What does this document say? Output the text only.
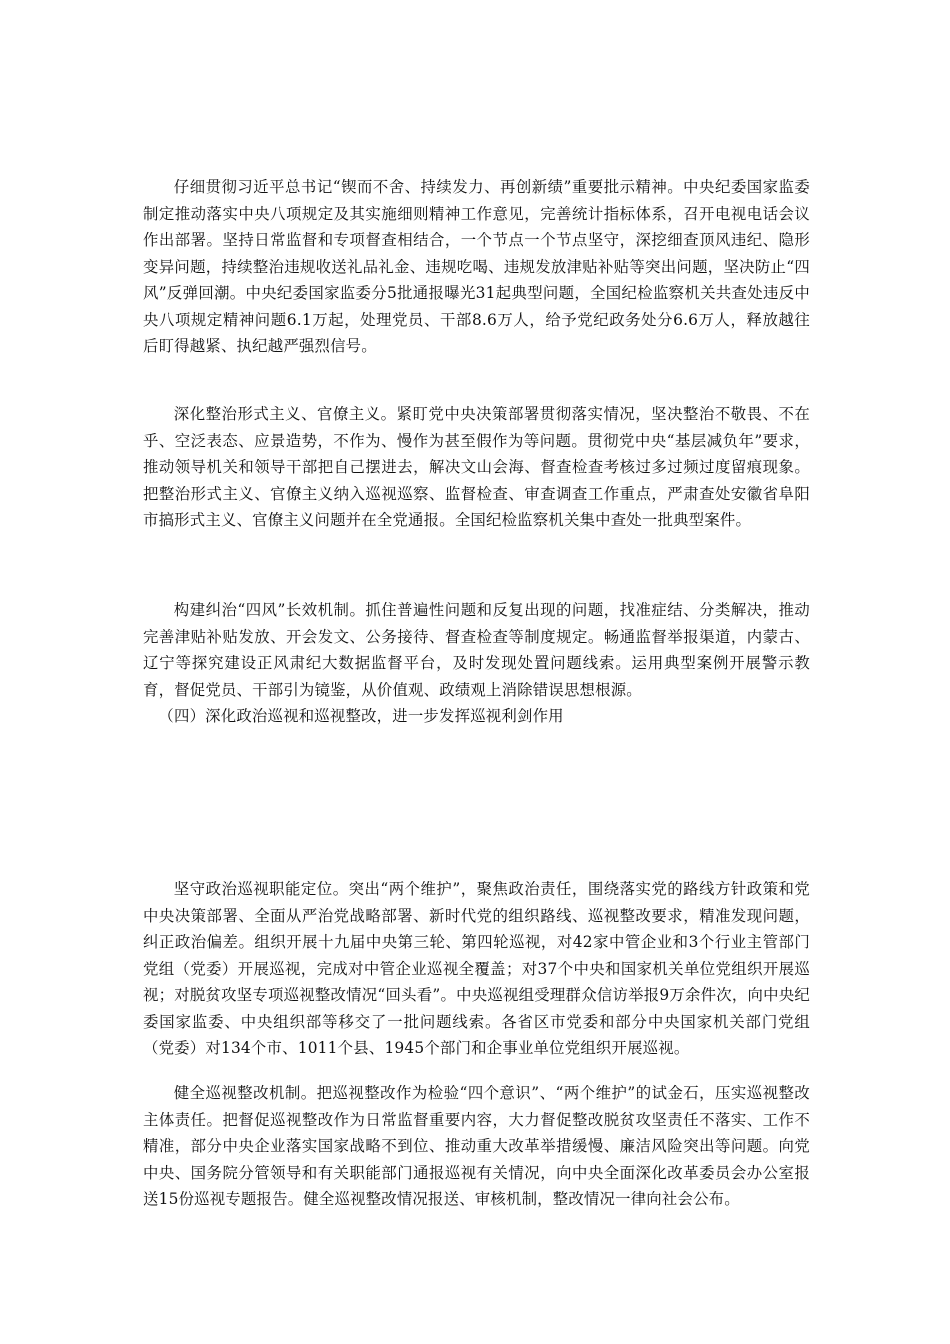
仔细贯彻习近平总书记“锲而不舍、持续发力、再创新绩”重要批示精神。中央纪委国家监委制定推动落实中央八项规定及其实施细则精神工作意见，完善统计指标体系，召开电视电话会议作出部署。坚持日常监督和专项督查相结合，一个节点一个节点坚守，深挖细查顶风违纪、隐形变异问题，持续整治违规收送礼品礼金、违规吃喝、违规发放津贴补贴等突出问题，坚决防止“四风”反弹回潮。中央纪委国家监委分5批通报曝光31起典型问题，全国纪检监察机关共查处违反中央八项规定精神问题6.1万起，处理党员、干部8.6万人，给予党纪政务处分6.6万人，释放越往后盯得越紧、执纪越严强烈信号。

深化整治形式主义、官僚主义。紧盯党中央决策部署贯彻落实情况，坚决整治不敬畏、不在乎、空泛表态、应景造势，不作为、慢作为甚至假作为等问题。贯彻党中央“基层减负年”要求，推动领导机关和领导干部把自己摆进去，解决文山会海、督查检查考核过多过频过度留痕现象。把整治形式主义、官僚主义纳入巡视巡察、监督检查、审查调查工作重点，严肃查处安徽省阜阳市搞形式主义、官僚主义问题并在全党通报。全国纪检监察机关集中查处一批典型案件。

构建纠治“四风”长效机制。抓住普遍性问题和反复出现的问题，找准症结、分类解决，推动完善津贴补贴发放、开会发文、公务接待、督查检查等制度规定。畅通监督举报渠道，内蒙古、辽宁等探究建设正风肃纪大数据监督平台，及时发现处置问题线索。运用典型案例开展警示教育，督促党员、干部引为镜鉴，从价值观、政绩观上消除错误思想根源。

（四）深化政治巡视和巡视整改，进一步发挥巡视利剑作用

坚守政治巡视职能定位。突出“两个维护”，聚焦政治责任，围绕落实党的路线方针政策和党中央决策部署、全面从严治党战略部署、新时代党的组织路线、巡视整改要求，精准发现问题，纠正政治偏差。组织开展十九届中央第三轮、第四轮巡视，对42家中管企业和3个行业主管部门党组（党委）开展巡视，完成对中管企业巡视全覆盖；对37个中央和国家机关单位党组织开展巡视；对脱贫攻坚专项巡视整改情况“回头看”。中央巡视组受理群众信访举报9万余件次，向中央纪委国家监委、中央组织部等移交了一批问题线索。各省区市党委和部分中央国家机关部门党组（党委）对134个市、1011个县、1945个部门和企事业单位党组织开展巡视。

健全巡视整改机制。把巡视整改作为检验“四个意识”、“两个维护”的试金石，压实巡视整改主体责任。把督促巡视整改作为日常监督重要内容，大力督促整改脱贫攻坚责任不落实、工作不精准，部分中央企业落实国家战略不到位、推动重大改革举措缓慢、廉洁风险突出等问题。向党中央、国务院分管领导和有关职能部门通报巡视有关情况，向中央全面深化改革委员会办公室报送15份巡视专题报告。健全巡视整改情况报送、审核机制，整改情况一律向社会公布。
